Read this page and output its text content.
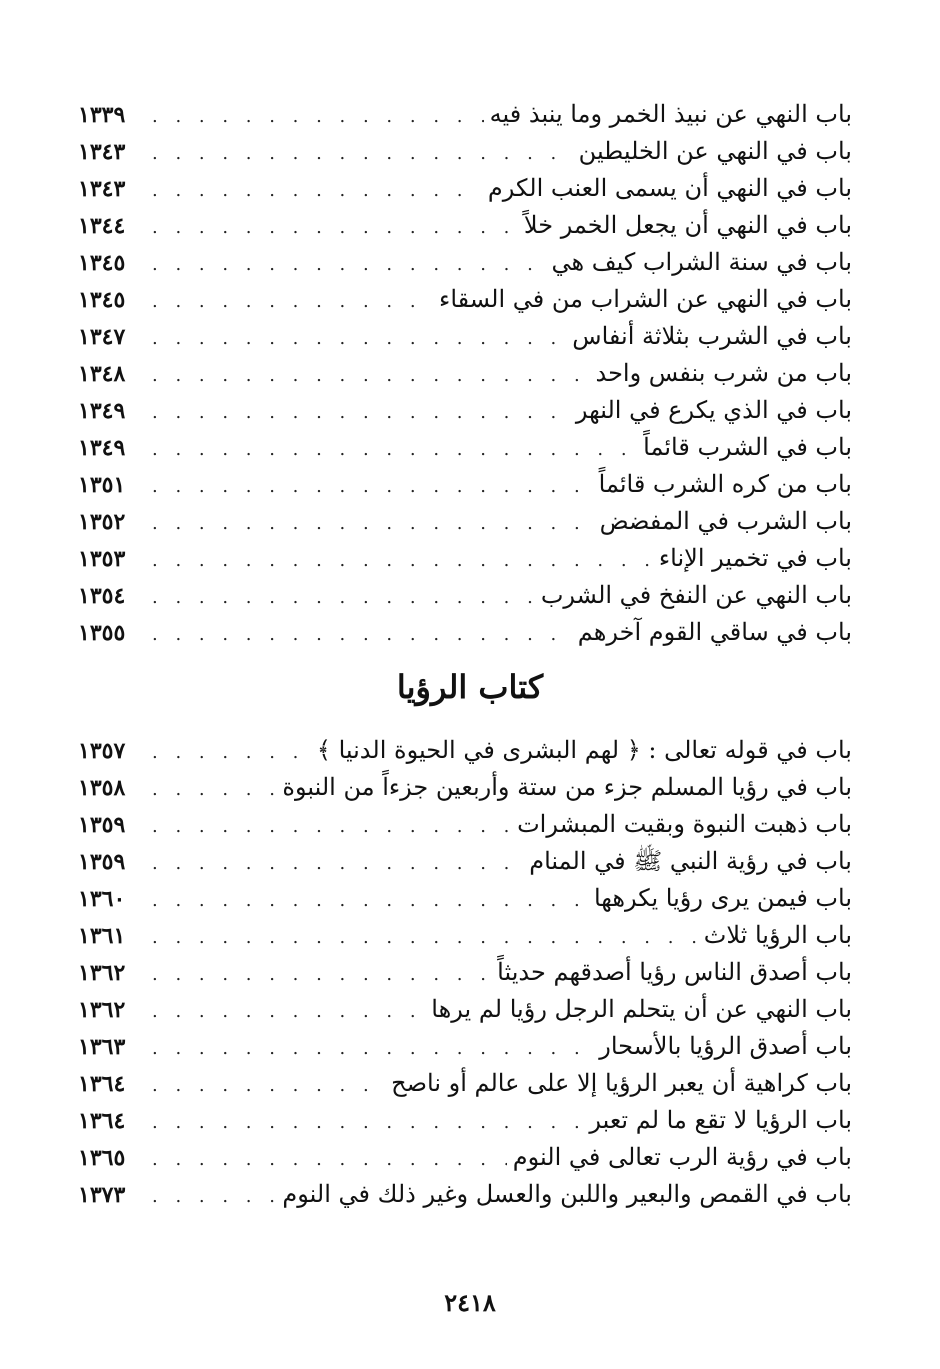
باب النهي عن نبيذ الخمر وما ينبذ فيه
. . .
١٣٣٩
باب في النهي عن الخليطين
. . .
١٣٤٣
باب في النهي أن يسمى العنب الكرم
. . .
١٣٤٣
باب في النهي أن يجعل الخمر خلاً
. . .
١٣٤٤
باب في سنة الشراب كيف هي
. . .
١٣٤٥
باب في النهي عن الشراب من في السقاء
. . .
١٣٤٥
باب في الشرب بثلاثة أنفاس
. . .
١٣٤٧
باب من شرب بنفس واحد
. . .
١٣٤٨
باب في الذي يكرع في النهر
. . .
١٣٤٩
باب في الشرب قائماً
. . .
١٣٤٩
باب من كره الشرب قائماً
. . .
١٣٥١
باب الشرب في المفضض
. . .
١٣٥٢
باب في تخمير الإناء
. . .
١٣٥٣
باب النهي عن النفخ في الشرب
. . .
١٣٥٤
باب في ساقي القوم آخرهم
. . .
١٣٥٥
كتاب الرؤيا
باب في قوله تعالى : ﴿ لهم البشرى في الحيوة الدنيا ﴾
. . .
١٣٥٧
باب في رؤيا المسلم جزء من ستة وأربعين جزءاً من النبوة
. . .
١٣٥٨
باب ذهبت النبوة وبقيت المبشرات
. . .
١٣٥٩
باب في رؤية النبي ﷺ في المنام
. . .
١٣٥٩
باب فيمن يرى رؤيا يكرهها
. . .
١٣٦٠
باب الرؤيا ثلاث
. . .
١٣٦١
باب أصدق الناس رؤيا أصدقهم حديثاً
. . .
١٣٦٢
باب النهي عن أن يتحلم الرجل رؤيا لم يرها
. . .
١٣٦٢
باب أصدق الرؤيا بالأسحار
. . .
١٣٦٣
باب كراهية أن يعبر الرؤيا إلا على عالم أو ناصح
. . .
١٣٦٤
باب الرؤيا لا تقع ما لم تعبر
. . .
١٣٦٤
باب في رؤية الرب تعالى في النوم
. . .
١٣٦٥
باب في القمص والبعير واللبن والعسل وغير ذلك في النوم
. . .
١٣٧٣
٢٤١٨
